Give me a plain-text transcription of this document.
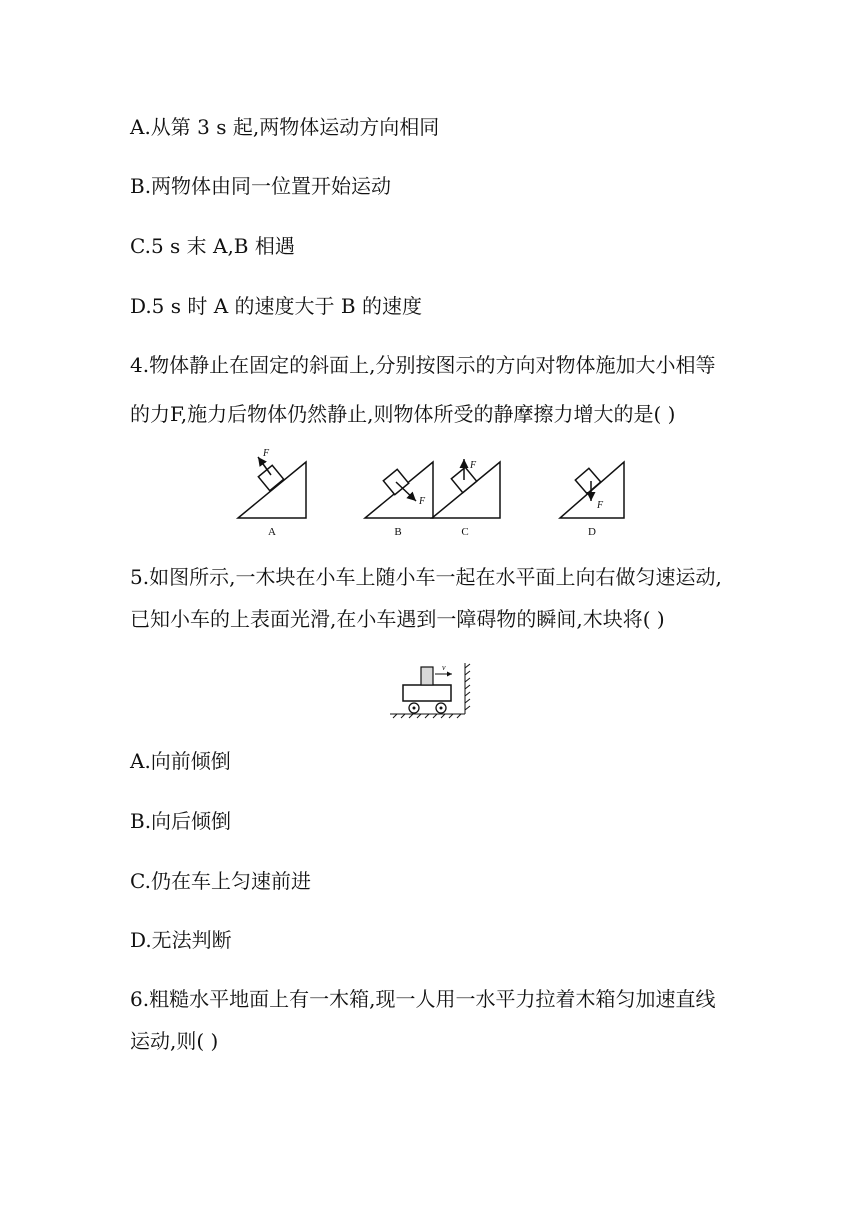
A.从第 3 s 起,两物体运动方向相同
B.两物体由同一位置开始运动
C.5 s 末 A,B 相遇
D.5 s 时 A 的速度大于 B 的速度
4.物体静止在固定的斜面上,分别按图示的方向对物体施加大小相等
的力F,施力后物体仍然静止,则物体所受的静摩擦力增大的是( )
F
F
F
F
A	B	C	D
5.如图所示,一木块在小车上随小车一起在水平面上向右做匀速运动,
已知小车的上表面光滑,在小车遇到一障碍物的瞬间,木块将( )
v
A.向前倾倒
B.向后倾倒
C.仍在车上匀速前进
D.无法判断
6.粗糙水平地面上有一木箱,现一人用一水平力拉着木箱匀加速直线
运动,则( )
